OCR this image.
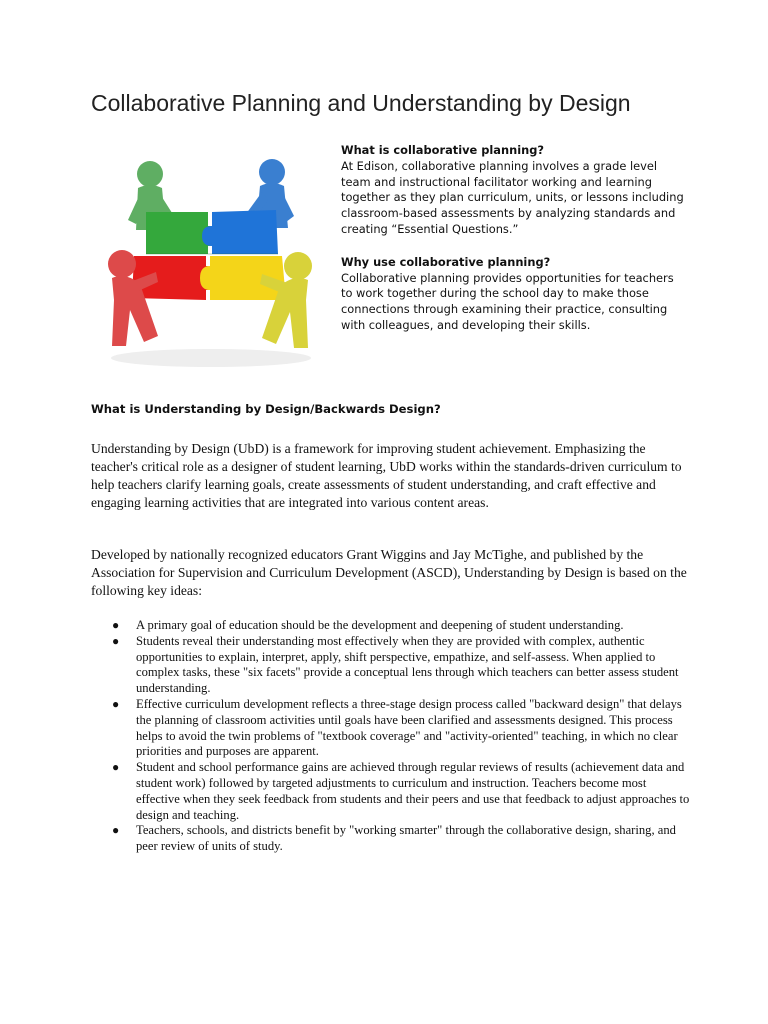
Collaborative Planning and Understanding by Design
What is collaborative planning?

At Edison, collaborative planning involves a grade level team and instructional facilitator working and learning together as they plan curriculum, units, or lessons including classroom-based assessments by analyzing standards and creating “Essential Questions.”

Why use collaborative planning?

Collaborative planning provides opportunities for teachers to work together during the school day to make those connections through examining their practice, consulting with colleagues, and developing their skills.

What is Understanding by Design/Backwards Design?
Understanding by Design (UbD) is a framework for improving student achievement. Emphasizing the teacher's critical role as a designer of student learning, UbD works within the standards-driven curriculum to help teachers clarify learning goals, create assessments of student understanding, and craft effective and engaging learning activities that are integrated into various content areas.
Developed by nationally recognized educators Grant Wiggins and Jay McTighe, and published by the Association for Supervision and Curriculum Development (ASCD), Understanding by Design is based on the following key ideas:
● A primary goal of education should be the development and deepening of student understanding.
● Students reveal their understanding most effectively when they are provided with complex, authentic opportunities to explain, interpret, apply, shift perspective, empathize, and self-assess. When applied to complex tasks, these "six facets" provide a conceptual lens through which teachers can better assess student understanding.
● Effective curriculum development reflects a three-stage design process called "backward design" that delays the planning of classroom activities until goals have been clarified and assessments designed. This process helps to avoid the twin problems of "textbook coverage" and "activity-oriented" teaching, in which no clear priorities and purposes are apparent.
● Student and school performance gains are achieved through regular reviews of results (achievement data and student work) followed by targeted adjustments to curriculum and instruction. Teachers become most effective when they seek feedback from students and their peers and use that feedback to adjust approaches to design and teaching.
● Teachers, schools, and districts benefit by "working smarter" through the collaborative design, sharing, and peer review of units of study.
